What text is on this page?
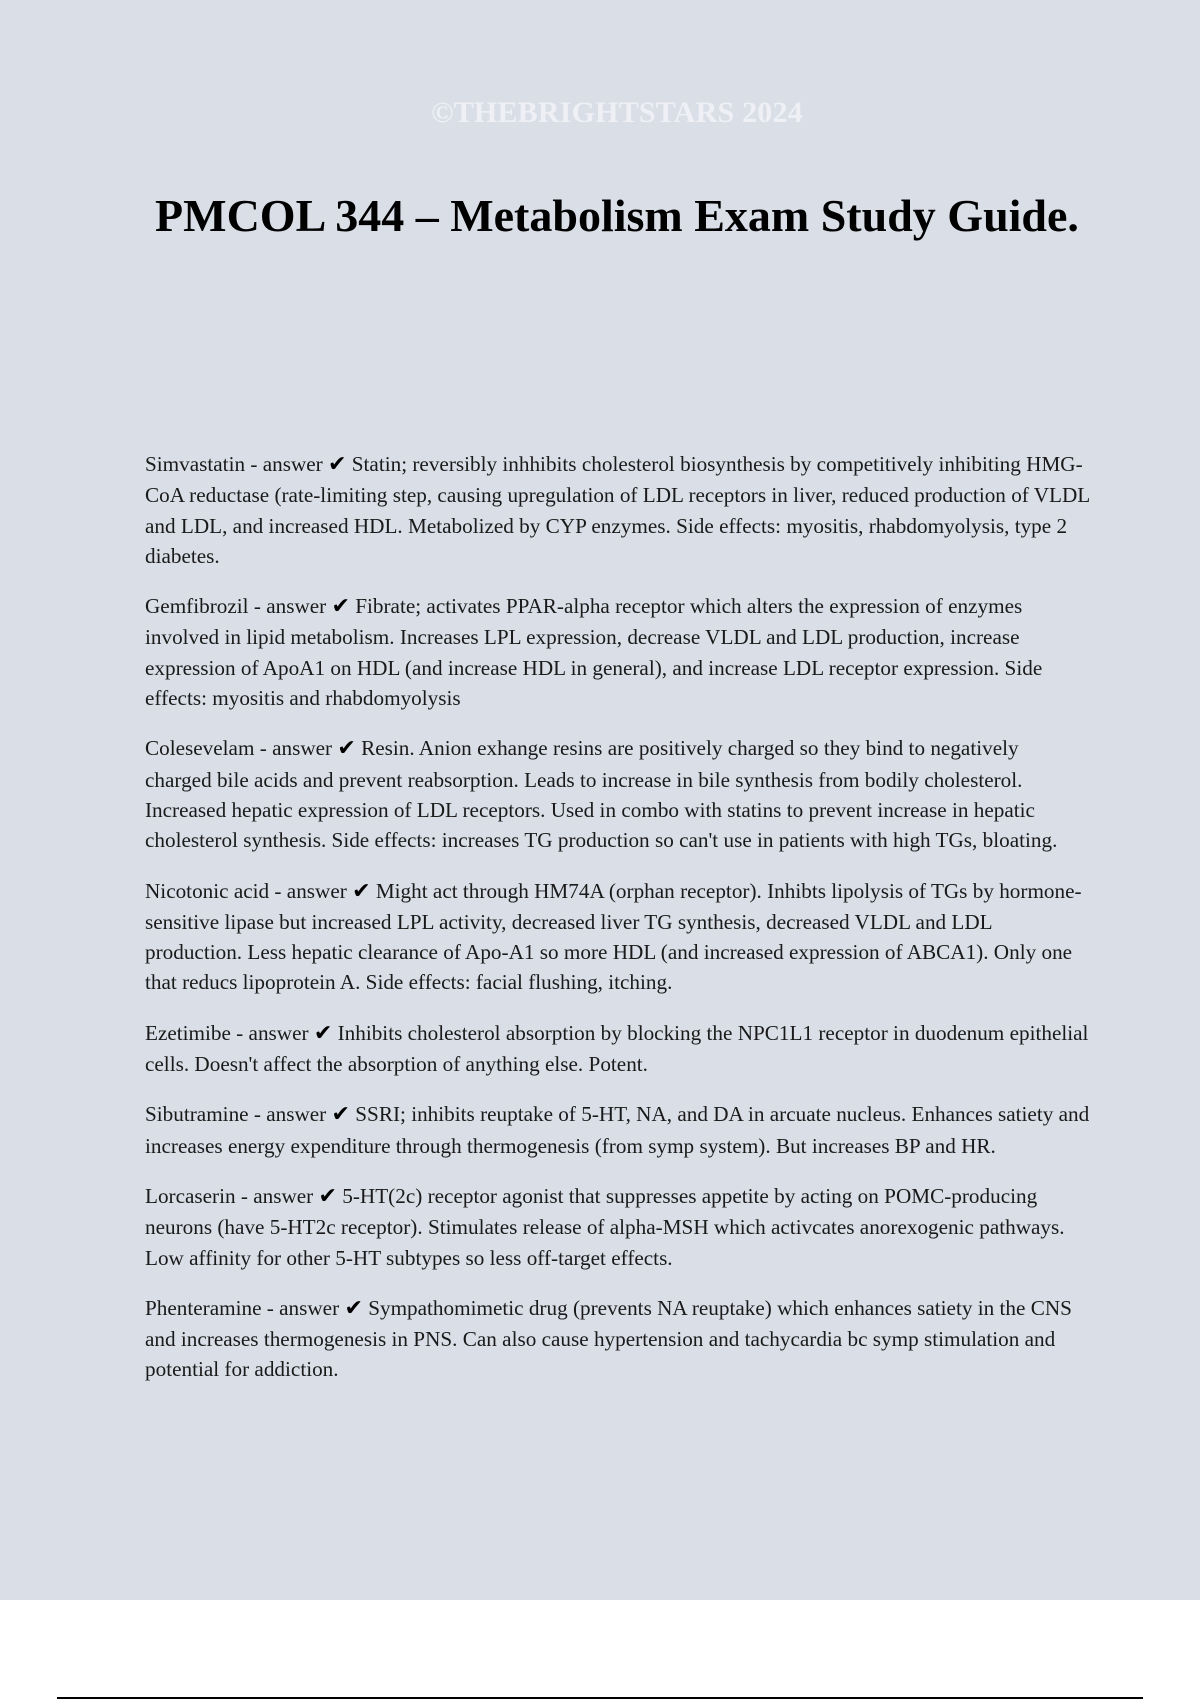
©THEBRIGHTSTARS 2024
PMCOL 344 – Metabolism Exam Study Guide.

Simvastatin - answer ✔ Statin; reversibly inhhibits cholesterol biosynthesis by competitively inhibiting HMG-CoA reductase (rate-limiting step, causing upregulation of LDL receptors in liver, reduced production of VLDL and LDL, and increased HDL. Metabolized by CYP enzymes. Side effects: myositis, rhabdomyolysis, type 2 diabetes.

Gemfibrozil - answer ✔ Fibrate; activates PPAR-alpha receptor which alters the expression of enzymes involved in lipid metabolism. Increases LPL expression, decrease VLDL and LDL production, increase expression of ApoA1 on HDL (and increase HDL in general), and increase LDL receptor expression. Side effects: myositis and rhabdomyolysis

Colesevelam - answer ✔ Resin. Anion exhange resins are positively charged so they bind to negatively charged bile acids and prevent reabsorption. Leads to increase in bile synthesis from bodily cholesterol. Increased hepatic expression of LDL receptors. Used in combo with statins to prevent increase in hepatic cholesterol synthesis. Side effects: increases TG production so can't use in patients with high TGs, bloating.

Nicotonic acid - answer ✔ Might act through HM74A (orphan receptor). Inhibts lipolysis of TGs by hormone-sensitive lipase but increased LPL activity, decreased liver TG synthesis, decreased VLDL and LDL production. Less hepatic clearance of Apo-A1 so more HDL (and increased expression of ABCA1). Only one that reducs lipoprotein A. Side effects: facial flushing, itching.

Ezetimibe - answer ✔ Inhibits cholesterol absorption by blocking the NPC1L1 receptor in duodenum epithelial cells. Doesn't affect the absorption of anything else. Potent.

Sibutramine - answer ✔ SSRI; inhibits reuptake of 5-HT, NA, and DA in arcuate nucleus. Enhances satiety and increases energy expenditure through thermogenesis (from symp system). But increases BP and HR.

Lorcaserin - answer ✔ 5-HT(2c) receptor agonist that suppresses appetite by acting on POMC-producing neurons (have 5-HT2c receptor). Stimulates release of alpha-MSH which activcates anorexogenic pathways. Low affinity for other 5-HT subtypes so less off-target effects.

Phenteramine - answer ✔ Sympathomimetic drug (prevents NA reuptake) which enhances satiety in the CNS and increases thermogenesis in PNS. Can also cause hypertension and tachycardia bc symp stimulation and potential for addiction.
